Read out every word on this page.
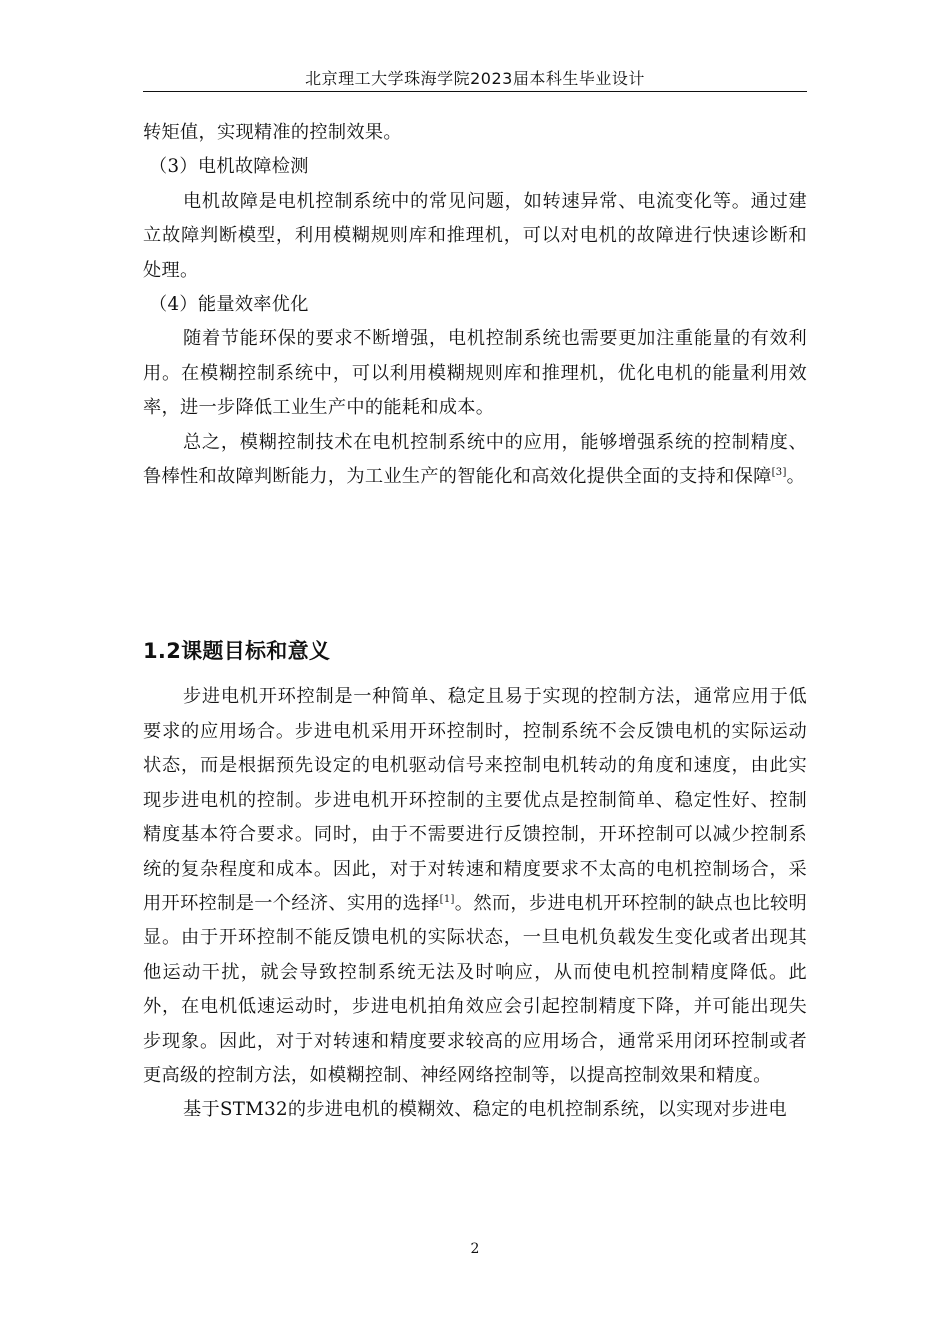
北京理工大学珠海学院2023届本科生毕业设计

转矩值，实现精准的控制效果。

（3）电机故障检测

电机故障是电机控制系统中的常见问题，如转速异常、电流变化等。通过建立故障判断模型，利用模糊规则库和推理机，可以对电机的故障进行快速诊断和处理。

（4）能量效率优化

随着节能环保的要求不断增强，电机控制系统也需要更加注重能量的有效利用。在模糊控制系统中，可以利用模糊规则库和推理机，优化电机的能量利用效率，进一步降低工业生产中的能耗和成本。

总之，模糊控制技术在电机控制系统中的应用，能够增强系统的控制精度、鲁棒性和故障判断能力，为工业生产的智能化和高效化提供全面的支持和保障[3]。

1.2课题目标和意义

步进电机开环控制是一种简单、稳定且易于实现的控制方法，通常应用于低要求的应用场合。步进电机采用开环控制时，控制系统不会反馈电机的实际运动状态，而是根据预先设定的电机驱动信号来控制电机转动的角度和速度，由此实现步进电机的控制。步进电机开环控制的主要优点是控制简单、稳定性好、控制精度基本符合要求。同时，由于不需要进行反馈控制，开环控制可以减少控制系统的复杂程度和成本。因此，对于对转速和精度要求不太高的电机控制场合，采用开环控制是一个经济、实用的选择[1]。然而，步进电机开环控制的缺点也比较明显。由于开环控制不能反馈电机的实际状态，一旦电机负载发生变化或者出现其他运动干扰，就会导致控制系统无法及时响应，从而使电机控制精度降低。此外，在电机低速运动时，步进电机拍角效应会引起控制精度下降，并可能出现失步现象。因此，对于对转速和精度要求较高的应用场合，通常采用闭环控制或者更高级的控制方法，如模糊控制、神经网络控制等，以提高控制效果和精度。

基于STM32的步进电机的模糊效、稳定的电机控制系统，以实现对步进电

2
